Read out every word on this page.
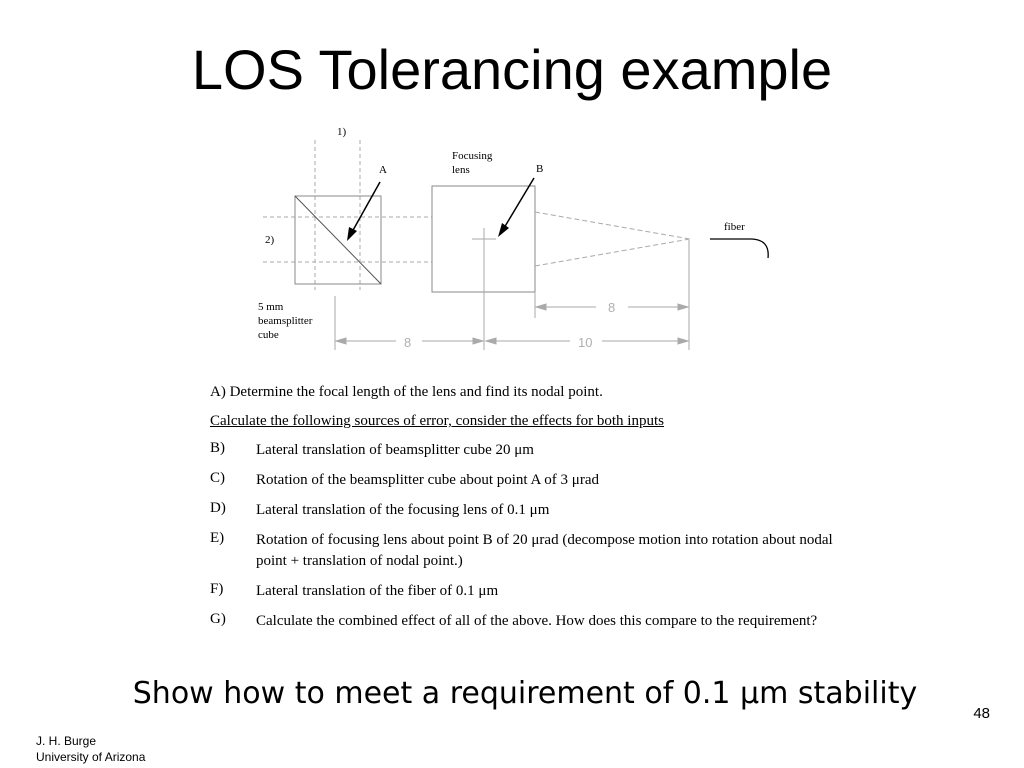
LOS Tolerancing example
1)
2)
A	B
Focusing
lens
fiber
5 mm
beamsplitter
cube
8
8	10

A) Determine the focal length of the lens and find its nodal point.

Calculate the following sources of error, consider the effects for both inputs

B)	Lateral translation of beamsplitter cube 20 μm
C)	Rotation of the beamsplitter cube about point A of 3 μrad
D)	Lateral translation of the focusing lens of 0.1 μm
E)	Rotation of focusing lens about point B of 20 μrad (decompose motion into rotation about nodal point + translation of nodal point.)
F)	Lateral translation of the fiber of 0.1 μm
G)	Calculate the combined effect of all of the above. How does this compare to the requirement?
Show how to meet a requirement of 0.1 μm stability
48
J. H. Burge
University of Arizona
